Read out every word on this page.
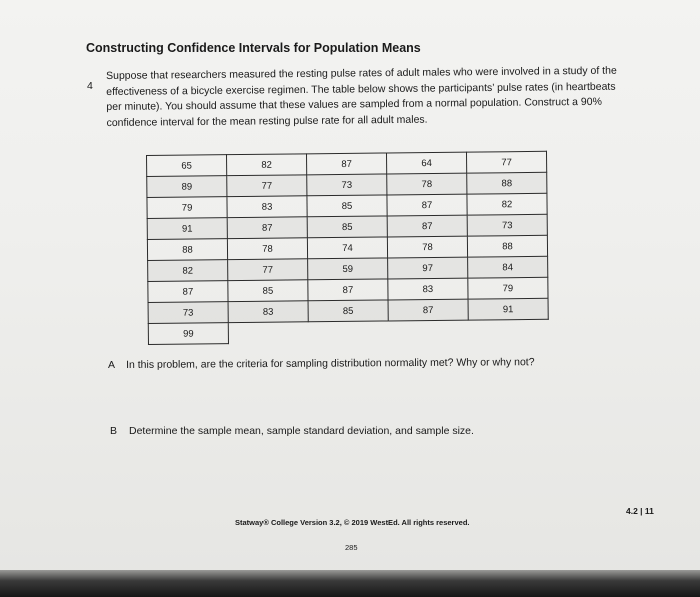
Constructing Confidence Intervals for Population Means
4
Suppose that researchers measured the resting pulse rates of adult males who were involved in a study of the effectiveness of a bicycle exercise regimen. The table below shows the participants’ pulse rates (in heartbeats per minute). You should assume that these values are sampled from a normal population. Construct a 90% confidence interval for the mean resting pulse rate for all adult males.
65	82	87	64	77
89	77	73	78	88
79	83	85	87	82
91	87	85	87	73
88	78	74	78	88
82	77	59	97	84
87	85	87	83	79
73	83	85	87	91
99				
A In this problem, are the criteria for sampling distribution normality met? Why or why not?
B Determine the sample mean, sample standard deviation, and sample size.
4.2 | 11
Statway® College Version 3.2, © 2019 WestEd. All rights reserved.
285
